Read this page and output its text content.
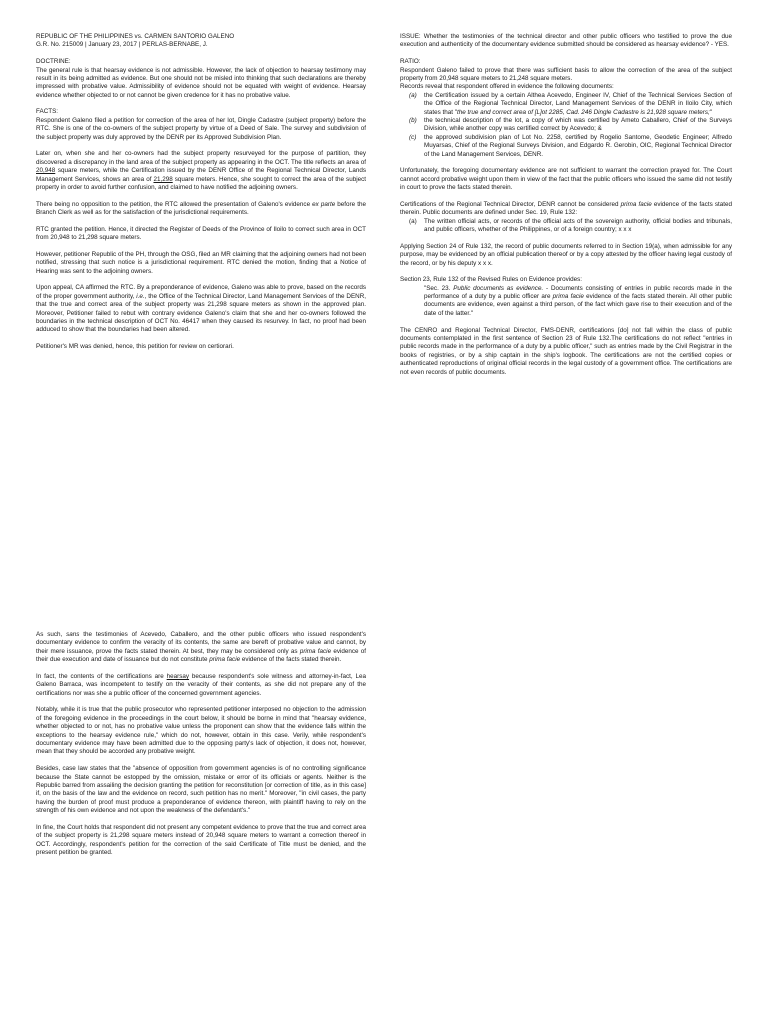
REPUBLIC OF THE PHILIPPINES vs. CARMEN SANTORIO GALENO

G.R. No. 215009 | January 23, 2017 | PERLAS-BERNABE, J.

DOCTRINE:

The general rule is that hearsay evidence is not admissible. However, the lack of objection to hearsay testimony may result in its being admitted as evidence. But one should not be misled into thinking that such declarations are thereby impressed with probative value. Admissibility of evidence should not be equated with weight of evidence. Hearsay evidence whether objected to or not cannot be given credence for it has no probative value.

FACTS:

Respondent Galeno filed a petition for correction of the area of her lot, Dingle Cadastre (subject property) before the RTC. She is one of the co-owners of the subject property by virtue of a Deed of Sale. The survey and subdivision of the subject property was duly approved by the DENR per its Approved Subdivision Plan.

Later on, when she and her co-owners had the subject property resurveyed for the purpose of partition, they discovered a discrepancy in the land area of the subject property as appearing in the OCT. The title reflects an area of 20,948 square meters, while the Certification issued by the DENR Office of the Regional Technical Director, Lands Management Services, shows an area of 21,298 square meters. Hence, she sought to correct the area of the subject property in order to avoid further confusion, and claimed to have notified the adjoining owners.

There being no opposition to the petition, the RTC allowed the presentation of Galeno's evidence ex parte before the Branch Clerk as well as for the satisfaction of the jurisdictional requirements.

RTC granted the petition. Hence, it directed the Register of Deeds of the Province of Iloilo to correct such area in OCT from 20,948 to 21,298 square meters.

However, petitioner Republic of the PH, through the OSG, filed an MR claiming that the adjoining owners had not been notified, stressing that such notice is a jurisdictional requirement. RTC denied the motion, finding that a Notice of Hearing was sent to the adjoining owners.

Upon appeal, CA affirmed the RTC. By a preponderance of evidence, Galeno was able to prove, based on the records of the proper government authority, i.e., the Office of the Technical Director, Land Management Services of the DENR, that the true and correct area of the subject property was 21,298 square meters as shown in the approved plan. Moreover, Petitioner failed to rebut with contrary evidence Galeno's claim that she and her co-owners followed the boundaries in the technical description of OCT No. 46417 when they caused its resurvey. In fact, no proof had been adduced to show that the boundaries had been altered.

Petitioner's MR was denied, hence, this petition for review on certiorari.

ISSUE: Whether the testimonies of the technical director and other public officers who testified to prove the due execution and authenticity of the documentary evidence submitted should be considered as hearsay evidence? - YES.

RATIO:

Respondent Galeno failed to prove that there was sufficient basis to allow the correction of the area of the subject property from 20,948 square meters to 21,248 square meters.

Records reveal that respondent offered in evidence the following documents:

(a) the Certification issued by a certain Althea Acevedo, Engineer IV, Chief of the Technical Services Section of the Office of the Regional Technical Director, Land Management Services of the DENR in Iloilo City, which states that "the true and correct area of [L]ot 2285, Cad. 246 Dingle Cadastre is 21,928 square meters;"
(b) the technical description of the lot, a copy of which was certified by Ameto Caballero, Chief of the Surveys Division, while another copy was certified correct by Acevedo; &
(c) the approved subdivision plan of Lot No. 2258, certified by Rogelio Santome, Geodetic Engineer; Alfredo Muyarsas, Chief of the Regional Surveys Division, and Edgardo R. Gerobin, OIC, Regional Technical Director of the Land Management Services, DENR.

Unfortunately, the foregoing documentary evidence are not sufficient to warrant the correction prayed for. The Court cannot accord probative weight upon them in view of the fact that the public officers who issued the same did not testify in court to prove the facts stated therein.

Certifications of the Regional Technical Director, DENR cannot be considered prima facie evidence of the facts stated therein. Public documents are defined under Sec. 19, Rule 132:

(a) The written official acts, or records of the official acts of the sovereign authority, official bodies and tribunals, and public officers, whether of the Philippines, or of a foreign country; x x x

Applying Section 24 of Rule 132, the record of public documents referred to in Section 19(a), when admissible for any purpose, may be evidenced by an official publication thereof or by a copy attested by the officer having legal custody of the record, or by his deputy x x x.

Section 23, Rule 132 of the Revised Rules on Evidence provides:

"Sec. 23. Public documents as evidence. - Documents consisting of entries in public records made in the performance of a duty by a public officer are prima facie evidence of the facts stated therein. All other public documents are evidence, even against a third person, of the fact which gave rise to their execution and of the date of the latter."

The CENRO and Regional Technical Director, FMS-DENR, certifications [do] not fall within the class of public documents contemplated in the first sentence of Section 23 of Rule 132.The certifications do not reflect "entries in public records made in the performance of a duty by a public officer," such as entries made by the Civil Registrar in the books of registries, or by a ship captain in the ship's logbook. The certifications are not the certified copies or authenticated reproductions of original official records in the legal custody of a government office. The certifications are not even records of public documents.

As such, sans the testimonies of Acevedo, Caballero, and the other public officers who issued respondent's documentary evidence to confirm the veracity of its contents, the same are bereft of probative value and cannot, by their mere issuance, prove the facts stated therein. At best, they may be considered only as prima facie evidence of their due execution and date of issuance but do not constitute prima facie evidence of the facts stated therein.

In fact, the contents of the certifications are hearsay because respondent's sole witness and attorney-in-fact, Lea Galeno Barraca, was incompetent to testify on the veracity of their contents, as she did not prepare any of the certifications nor was she a public officer of the concerned government agencies.

Notably, while it is true that the public prosecutor who represented petitioner interposed no objection to the admission of the foregoing evidence in the proceedings in the court below, it should be borne in mind that "hearsay evidence, whether objected to or not, has no probative value unless the proponent can show that the evidence falls within the exceptions to the hearsay evidence rule," which do not, however, obtain in this case. Verily, while respondent's documentary evidence may have been admitted due to the opposing party's lack of objection, it does not, however, mean that they should be accorded any probative weight.

Besides, case law states that the "absence of opposition from government agencies is of no controlling significance because the State cannot be estopped by the omission, mistake or error of its officials or agents. Neither is the Republic barred from assailing the decision granting the petition for reconstitution [or correction of title, as in this case] if, on the basis of the law and the evidence on record, such petition has no merit." Moreover, "in civil cases, the party having the burden of proof must produce a preponderance of evidence thereon, with plaintiff having to rely on the strength of his own evidence and not upon the weakness of the defendant's."

In fine, the Court holds that respondent did not present any competent evidence to prove that the true and correct area of the subject property is 21,298 square meters instead of 20,948 square meters to warrant a correction thereof in OCT. Accordingly, respondent's petition for the correction of the said Certificate of Title must be denied, and the present petition be granted.
